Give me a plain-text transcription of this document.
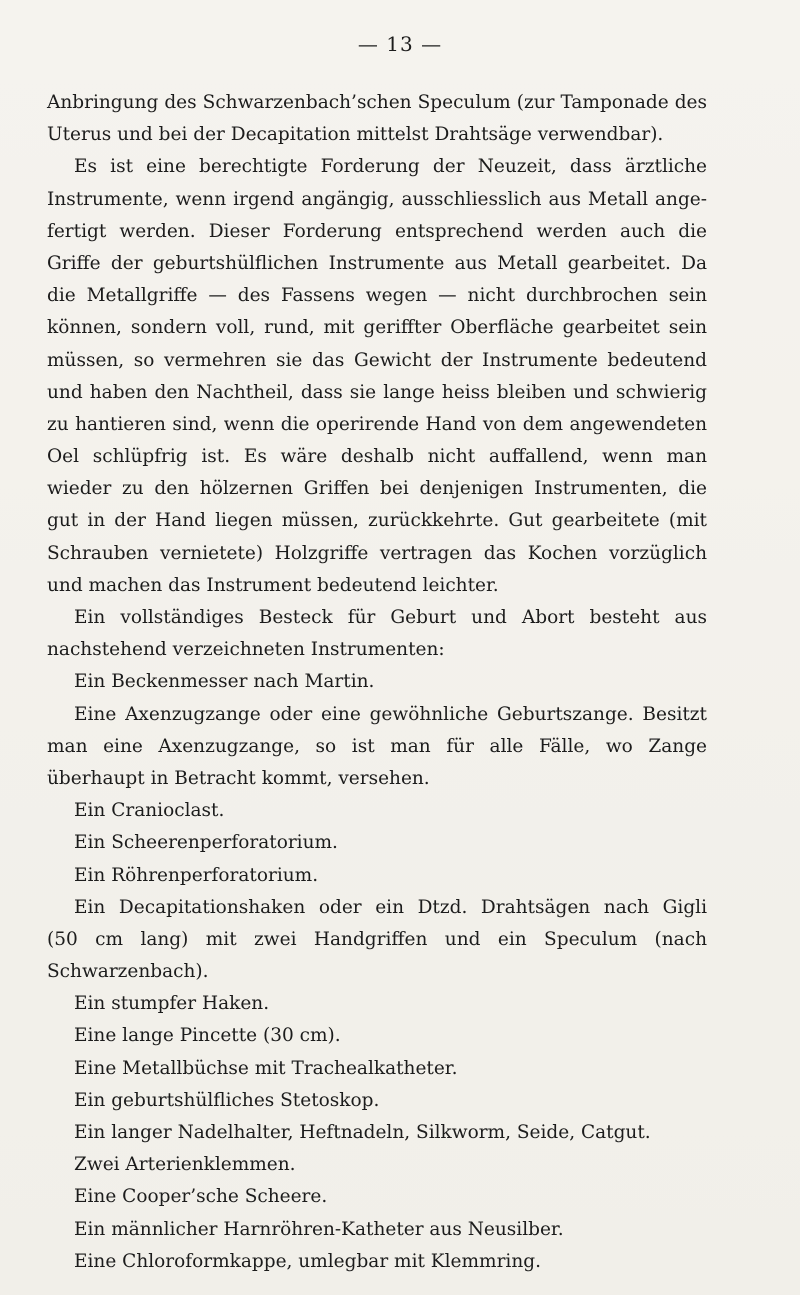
— 13 —
Anbringung des Schwarzenbach’schen Speculum (zur Tamponade des
Uterus und bei der Decapitation mittelst Drahtsäge verwendbar).
Es ist eine berechtigte Forderung der Neuzeit, dass ärztliche
Instrumente, wenn irgend angängig, ausschliesslich aus Metall ange-
fertigt werden. Dieser Forderung entsprechend werden auch die
Griffe der geburtshülflichen Instrumente aus Metall gearbeitet. Da
die Metallgriffe — des Fassens wegen — nicht durchbrochen sein
können, sondern voll, rund, mit geriffter Oberfläche gearbeitet sein
müssen, so vermehren sie das Gewicht der Instrumente bedeutend
und haben den Nachtheil, dass sie lange heiss bleiben und schwierig
zu hantieren sind, wenn die operirende Hand von dem angewendeten
Oel schlüpfrig ist. Es wäre deshalb nicht auffallend, wenn man
wieder zu den hölzernen Griffen bei denjenigen Instrumenten, die
gut in der Hand liegen müssen, zurückkehrte. Gut gearbeitete (mit
Schrauben vernietete) Holzgriffe vertragen das Kochen vorzüglich
und machen das Instrument bedeutend leichter.
Ein vollständiges Besteck für Geburt und Abort besteht aus
nachstehend verzeichneten Instrumenten:
Ein Beckenmesser nach Martin.
Eine Axenzugzange oder eine gewöhnliche Geburtszange. Besitzt
man eine Axenzugzange, so ist man für alle Fälle, wo Zange
überhaupt in Betracht kommt, versehen.
Ein Cranioclast.
Ein Scheerenperforatorium.
Ein Röhrenperforatorium.
Ein Decapitationshaken oder ein Dtzd. Drahtsägen nach Gigli
(50 cm lang) mit zwei Handgriffen und ein Speculum (nach
Schwarzenbach).
Ein stumpfer Haken.
Eine lange Pincette (30 cm).
Eine Metallbüchse mit Trachealkatheter.
Ein geburtshülfliches Stetoskop.
Ein langer Nadelhalter, Heftnadeln, Silkworm, Seide, Catgut.
Zwei Arterienklemmen.
Eine Cooper’sche Scheere.
Ein männlicher Harnröhren-Katheter aus Neusilber.
Eine Chloroformkappe, umlegbar mit Klemmring.
